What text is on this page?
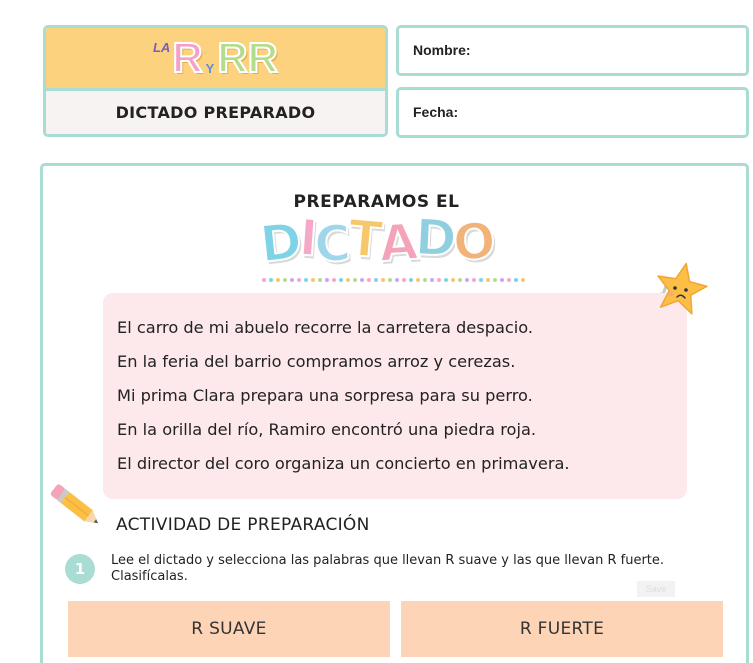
LA R Y RR
DICTADO PREPARADO
Nombre:
Fecha:
PREPARAMOS EL
DICTADO
El carro de mi abuelo recorre la carretera despacio.
En la feria del barrio compramos arroz y cerezas.
Mi prima Clara prepara una sorpresa para su perro.
En la orilla del río, Ramiro encontró una piedra roja.
El director del coro organiza un concierto en primavera.
ACTIVIDAD DE PREPARACIÓN
1	Lee el dictado y selecciona las palabras que llevan R suave y las que llevan R fuerte. Clasifícalas.
Save
R SUAVE	R FUERTE
